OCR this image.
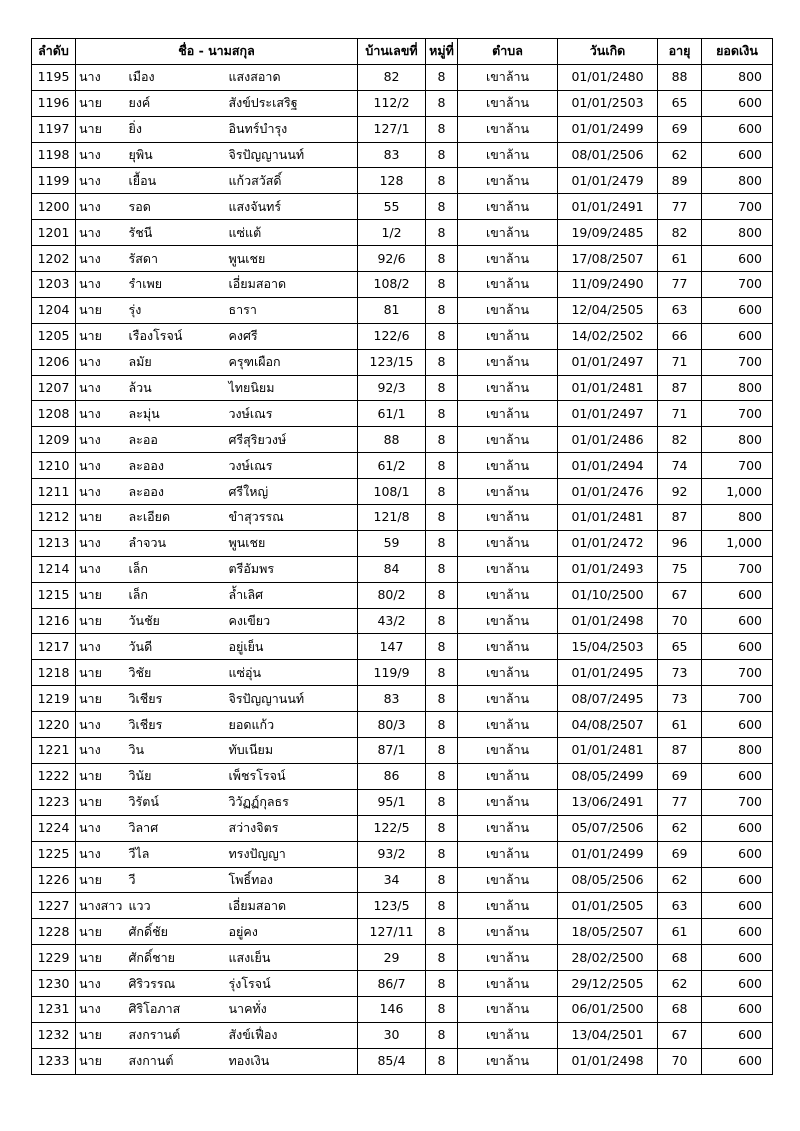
ลำดับ	ชื่อ - นามสกุล			บ้านเลขที่	หมู่ที่	ตำบล	วันเกิด	อายุ	ยอดเงิน
1195	นาง	เมือง	แสงสอาด	82	8	เขาล้าน	01/01/2480	88	800
1196	นาย	ยงค์	สังข์ประเสริฐ	112/2	8	เขาล้าน	01/01/2503	65	600
1197	นาย	ยิ่ง	อินทร์บำรุง	127/1	8	เขาล้าน	01/01/2499	69	600
1198	นาง	ยุพิน	จิรปัญญานนท์	83	8	เขาล้าน	08/01/2506	62	600
1199	นาง	เยื้อน	แก้วสวัสดิ์	128	8	เขาล้าน	01/01/2479	89	800
1200	นาง	รอด	แสงจันทร์	55	8	เขาล้าน	01/01/2491	77	700
1201	นาง	รัชนี	แซ่แต้	1/2	8	เขาล้าน	19/09/2485	82	800
1202	นาง	รัสดา	พูนเชย	92/6	8	เขาล้าน	17/08/2507	61	600
1203	นาง	รำเพย	เอี่ยมสอาด	108/2	8	เขาล้าน	11/09/2490	77	700
1204	นาย	รุ่ง	ธารา	81	8	เขาล้าน	12/04/2505	63	600
1205	นาย	เรืองโรจน์	คงศรี	122/6	8	เขาล้าน	14/02/2502	66	600
1206	นาง	ลมัย	ครุฑเผือก	123/15	8	เขาล้าน	01/01/2497	71	700
1207	นาง	ล้วน	ไทยนิยม	92/3	8	เขาล้าน	01/01/2481	87	800
1208	นาง	ละมุ่น	วงษ์เณร	61/1	8	เขาล้าน	01/01/2497	71	700
1209	นาง	ละออ	ศรีสุริยวงษ์	88	8	เขาล้าน	01/01/2486	82	800
1210	นาง	ละออง	วงษ์เณร	61/2	8	เขาล้าน	01/01/2494	74	700
1211	นาง	ละออง	ศรีใหญ่	108/1	8	เขาล้าน	01/01/2476	92	1,000
1212	นาย	ละเอียด	ขำสุวรรณ	121/8	8	เขาล้าน	01/01/2481	87	800
1213	นาง	ลำจวน	พูนเชย	59	8	เขาล้าน	01/01/2472	96	1,000
1214	นาง	เล็ก	ตรีอัมพร	84	8	เขาล้าน	01/01/2493	75	700
1215	นาย	เล็ก	ล้ำเลิศ	80/2	8	เขาล้าน	01/10/2500	67	600
1216	นาย	วันชัย	คงเขียว	43/2	8	เขาล้าน	01/01/2498	70	600
1217	นาง	วันดี	อยู่เย็น	147	8	เขาล้าน	15/04/2503	65	600
1218	นาย	วิชัย	แซ่อุ่น	119/9	8	เขาล้าน	01/01/2495	73	700
1219	นาย	วิเชียร	จิรปัญญานนท์	83	8	เขาล้าน	08/07/2495	73	700
1220	นาง	วิเชียร	ยอดแก้ว	80/3	8	เขาล้าน	04/08/2507	61	600
1221	นาง	วิน	ทับเนียม	87/1	8	เขาล้าน	01/01/2481	87	800
1222	นาย	วินัย	เพ็ชรโรจน์	86	8	เขาล้าน	08/05/2499	69	600
1223	นาย	วิรัตน์	วิวัฏฏ์กุลธร	95/1	8	เขาล้าน	13/06/2491	77	700
1224	นาง	วิลาศ	สว่างจิตร	122/5	8	เขาล้าน	05/07/2506	62	600
1225	นาง	วีไล	ทรงปัญญา	93/2	8	เขาล้าน	01/01/2499	69	600
1226	นาย	วี	โพธิ์ทอง	34	8	เขาล้าน	08/05/2506	62	600
1227	นางสาว	แวว	เอี่ยมสอาด	123/5	8	เขาล้าน	01/01/2505	63	600
1228	นาย	ศักดิ์ชัย	อยู่คง	127/11	8	เขาล้าน	18/05/2507	61	600
1229	นาย	ศักดิ์ชาย	แสงเย็น	29	8	เขาล้าน	28/02/2500	68	600
1230	นาง	ศิริวรรณ	รุ่งโรจน์	86/7	8	เขาล้าน	29/12/2505	62	600
1231	นาง	ศิริโอภาส	นาคทั่ง	146	8	เขาล้าน	06/01/2500	68	600
1232	นาย	สงกรานต์	สังข์เฟื่อง	30	8	เขาล้าน	13/04/2501	67	600
1233	นาย	สงกานต์	ทองเงิน	85/4	8	เขาล้าน	01/01/2498	70	600
